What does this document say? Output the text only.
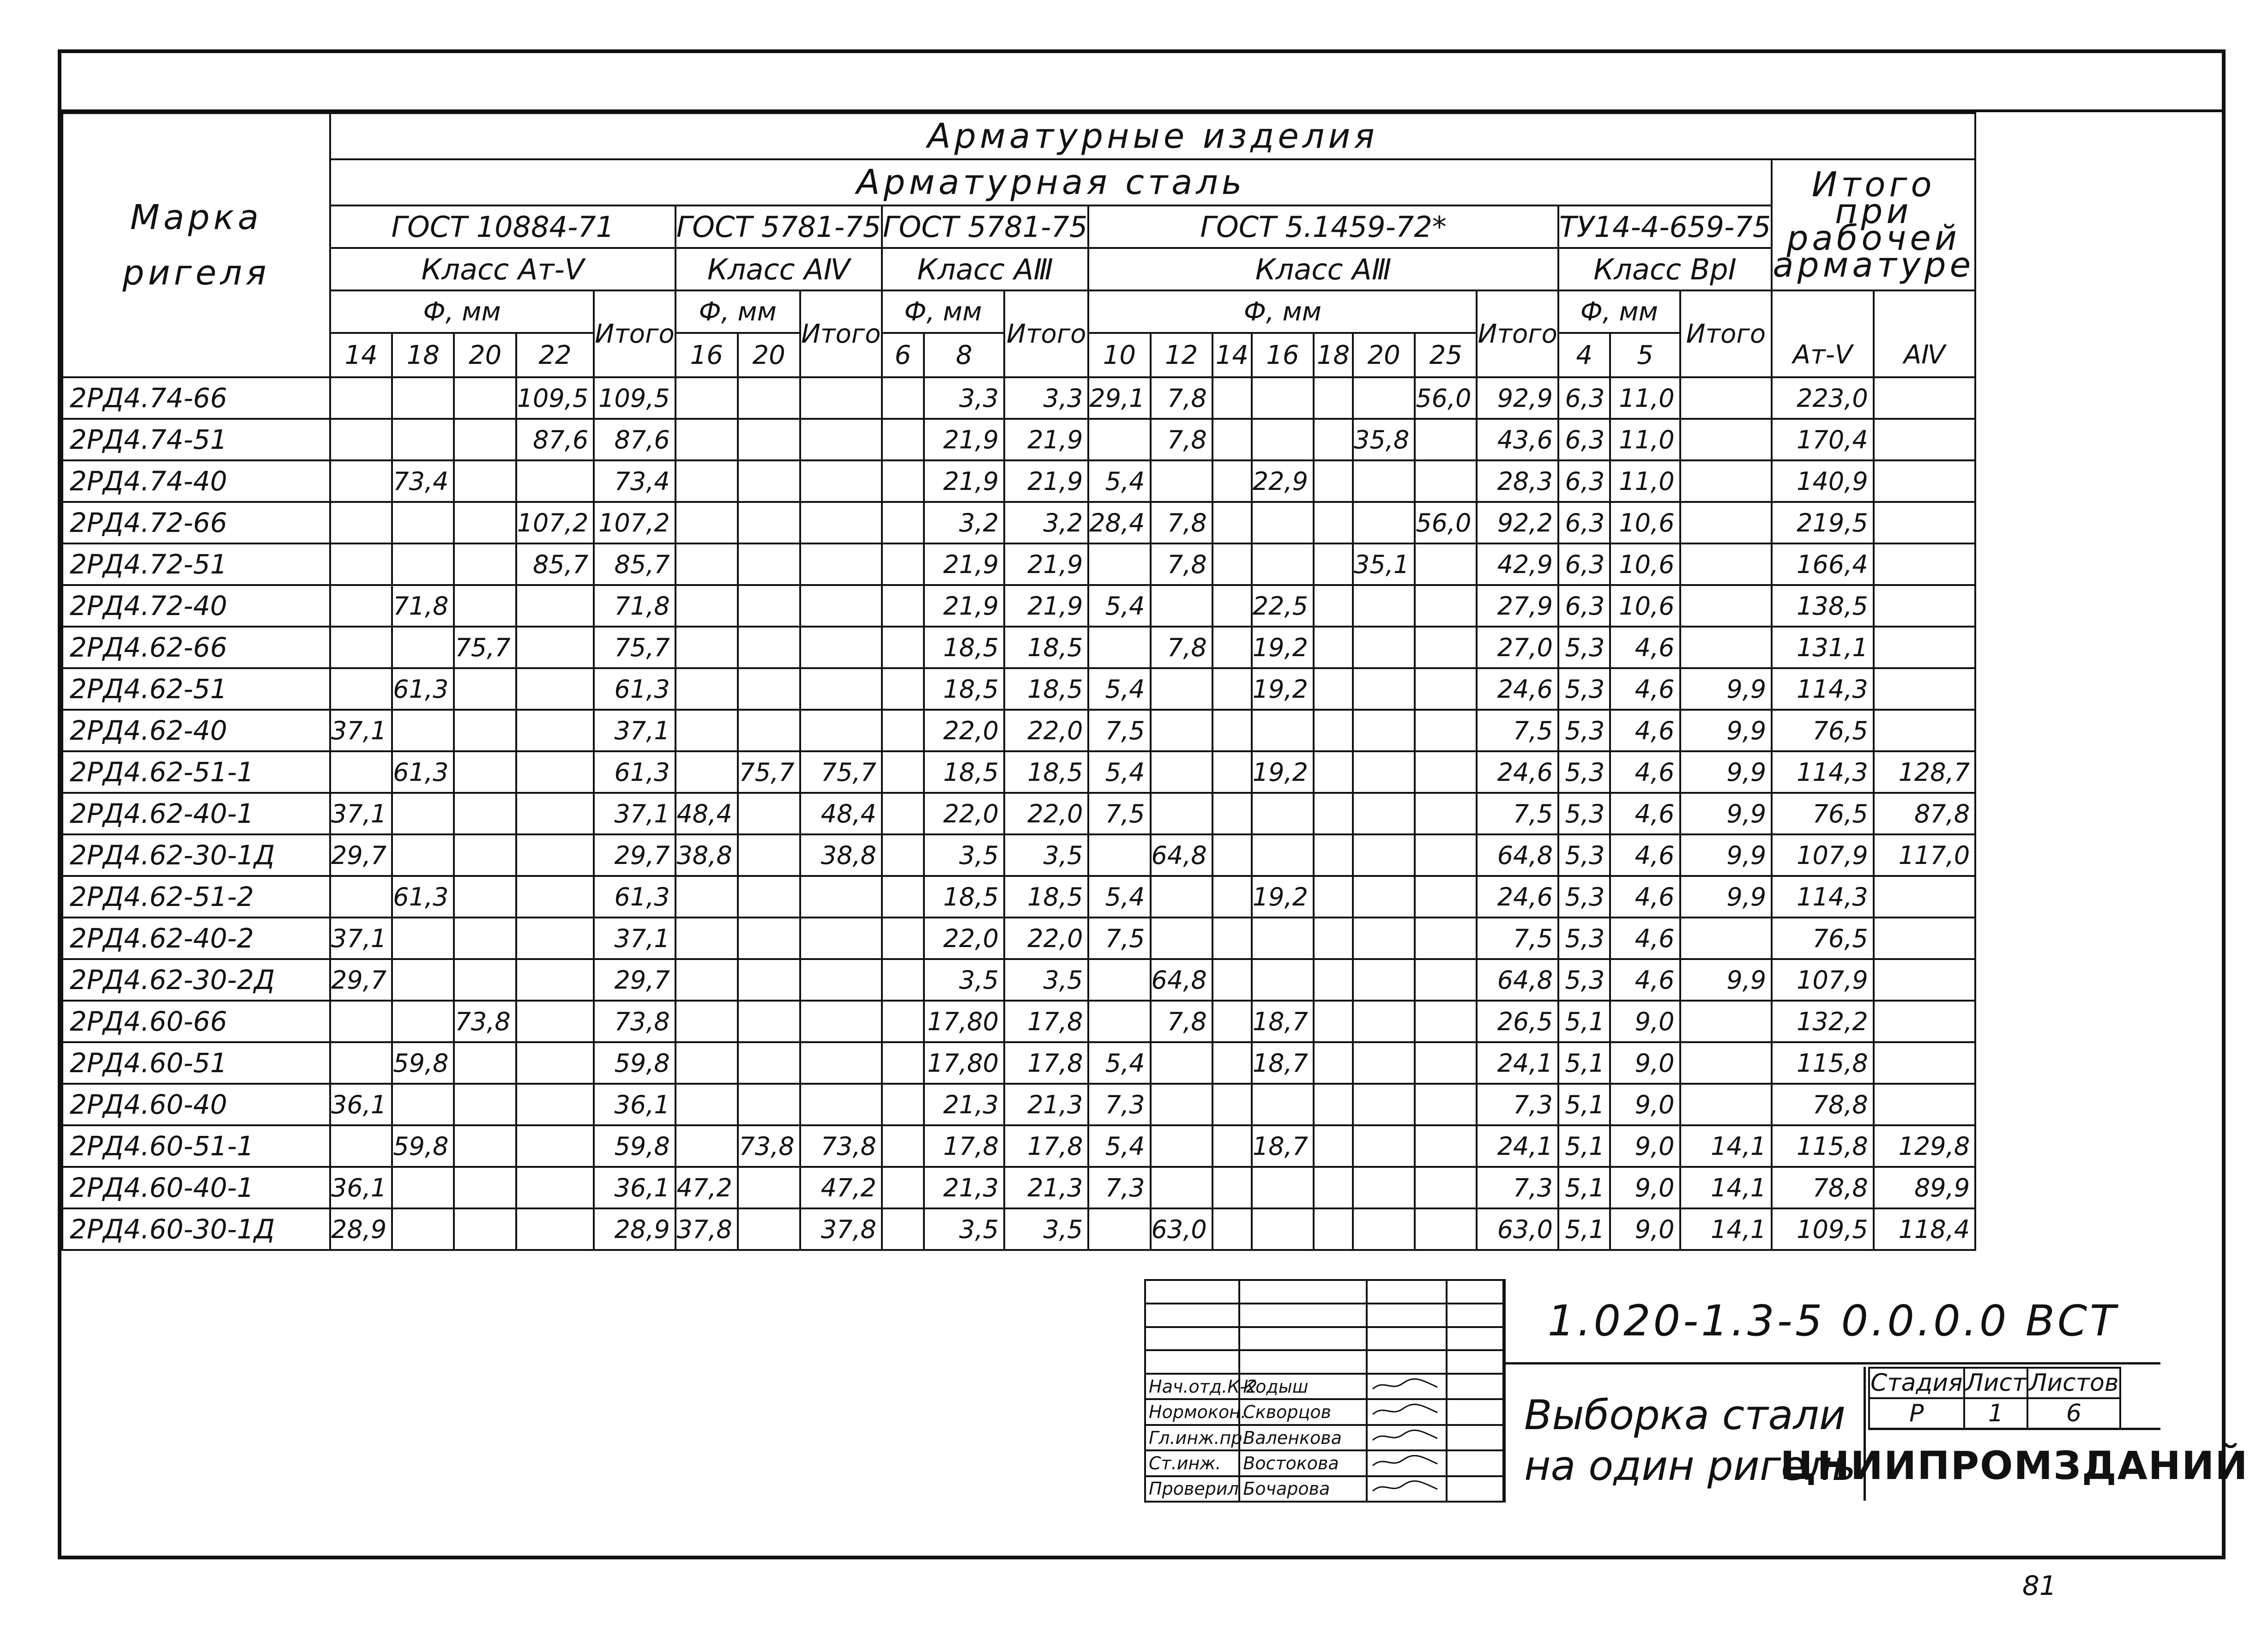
Марка ригеля	Арматурные изделия																							
	Арматурная сталь																						Итого при рабочей арматуре	
	ГОСТ 10884-71					ГОСТ 5781-75			ГОСТ 5781-75			ГОСТ 5.1459-72*								ТУ14-4-659-75				
	Класс Ат-Ⅴ					Класс АⅣ			Класс АⅢ			Класс АⅢ								Класс ВрⅠ				
	Ф, мм				Итого	Ф, мм		Итого	Ф, мм		Итого	Ф, мм							Итого	Ф, мм		Итого		
	14	18	20	22		16	20		6	8		10	12	14	16	18	20	25		4	5		Ат-Ⅴ	АⅣ
2РД4.74-66				109,5	109,5					3,3	3,3	29,1	7,8					56,0	92,9	6,3	11,0		223,0	
2РД4.74-51				87,6	87,6					21,9	21,9		7,8				35,8		43,6	6,3	11,0		170,4	
2РД4.74-40		73,4			73,4					21,9	21,9	5,4			22,9				28,3	6,3	11,0		140,9	
2РД4.72-66				107,2	107,2					3,2	3,2	28,4	7,8					56,0	92,2	6,3	10,6		219,5	
2РД4.72-51				85,7	85,7					21,9	21,9		7,8				35,1		42,9	6,3	10,6		166,4	
2РД4.72-40		71,8			71,8					21,9	21,9	5,4			22,5				27,9	6,3	10,6		138,5	
2РД4.62-66			75,7		75,7					18,5	18,5		7,8		19,2				27,0	5,3	4,6		131,1	
2РД4.62-51		61,3			61,3					18,5	18,5	5,4			19,2				24,6	5,3	4,6	9,9	114,3	
2РД4.62-40	37,1				37,1					22,0	22,0	7,5							7,5	5,3	4,6	9,9	76,5	
2РД4.62-51-1		61,3			61,3		75,7	75,7		18,5	18,5	5,4			19,2				24,6	5,3	4,6	9,9	114,3	128,7
2РД4.62-40-1	37,1				37,1	48,4		48,4		22,0	22,0	7,5							7,5	5,3	4,6	9,9	76,5	87,8
2РД4.62-30-1Д	29,7				29,7	38,8		38,8		3,5	3,5		64,8						64,8	5,3	4,6	9,9	107,9	117,0
2РД4.62-51-2		61,3			61,3					18,5	18,5	5,4			19,2				24,6	5,3	4,6	9,9	114,3	
2РД4.62-40-2	37,1				37,1					22,0	22,0	7,5							7,5	5,3	4,6		76,5	
2РД4.62-30-2Д	29,7				29,7					3,5	3,5		64,8						64,8	5,3	4,6	9,9	107,9	
2РД4.60-66			73,8		73,8					17,80	17,8		7,8		18,7				26,5	5,1	9,0		132,2	
2РД4.60-51		59,8			59,8					17,80	17,8	5,4			18,7				24,1	5,1	9,0		115,8	
2РД4.60-40	36,1				36,1					21,3	21,3	7,3							7,3	5,1	9,0		78,8	
2РД4.60-51-1		59,8			59,8		73,8	73,8		17,8	17,8	5,4			18,7				24,1	5,1	9,0	14,1	115,8	129,8
2РД4.60-40-1	36,1				36,1	47,2		47,2		21,3	21,3	7,3							7,3	5,1	9,0	14,1	78,8	89,9
2РД4.60-30-1Д	28,9				28,9	37,8		37,8		3,5	3,5		63,0						63,0	5,1	9,0	14,1	109,5	118,4

Нач.отд.К-2	Кодыш		
Нормокон.	Скворцов		
Гл.инж.пр.	Валенкова		
Ст.инж.	Востокова		
Проверил	Бочарова		
1.020-1.3-5 0.0.0.0 ВСТ
Выборка стали
на один ригель
Стадия	Лист	Листов
Р	1	6
ЦНИИПРОМЗДАНИЙ
81
